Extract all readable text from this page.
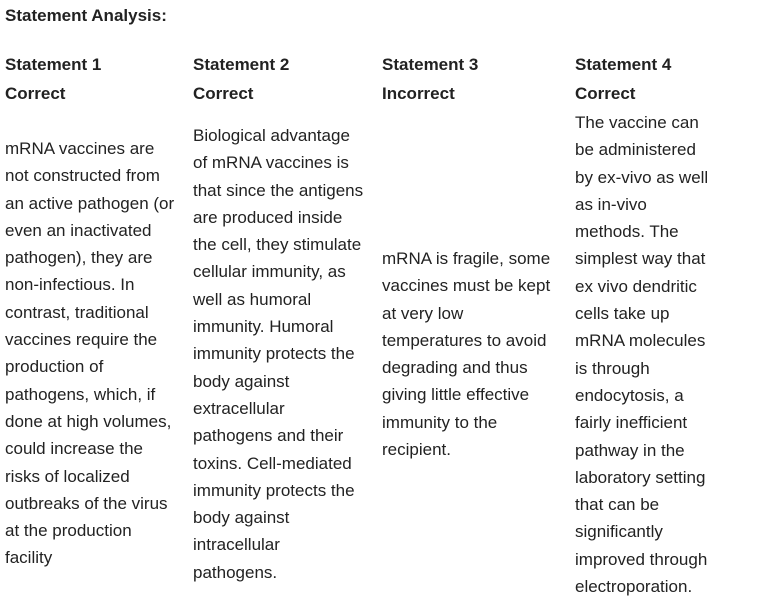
Statement Analysis:
Statement 1
Correct
mRNA vaccines are
not constructed from
an active pathogen (or
even an inactivated
pathogen), they are
non-infectious. In
contrast, traditional
vaccines require the
production of
pathogens, which, if
done at high volumes,
could increase the
risks of localized
outbreaks of the virus
at the production
facility
Statement 2
Correct
Biological advantage
of mRNA vaccines is
that since the antigens
are produced inside
the cell, they stimulate
cellular immunity, as
well as humoral
immunity. Humoral
immunity protects the
body against
extracellular
pathogens and their
toxins. Cell-mediated
immunity protects the
body against
intracellular
pathogens.
Statement 3
Incorrect
mRNA is fragile, some
vaccines must be kept
at very low
temperatures to avoid
degrading and thus
giving little effective
immunity to the
recipient.
Statement 4
Correct
The vaccine can
be administered
by ex-vivo as well
as in-vivo
methods. The
simplest way that
ex vivo dendritic
cells take up
mRNA molecules
is through
endocytosis, a
fairly inefficient
pathway in the
laboratory setting
that can be
significantly
improved through
electroporation.
